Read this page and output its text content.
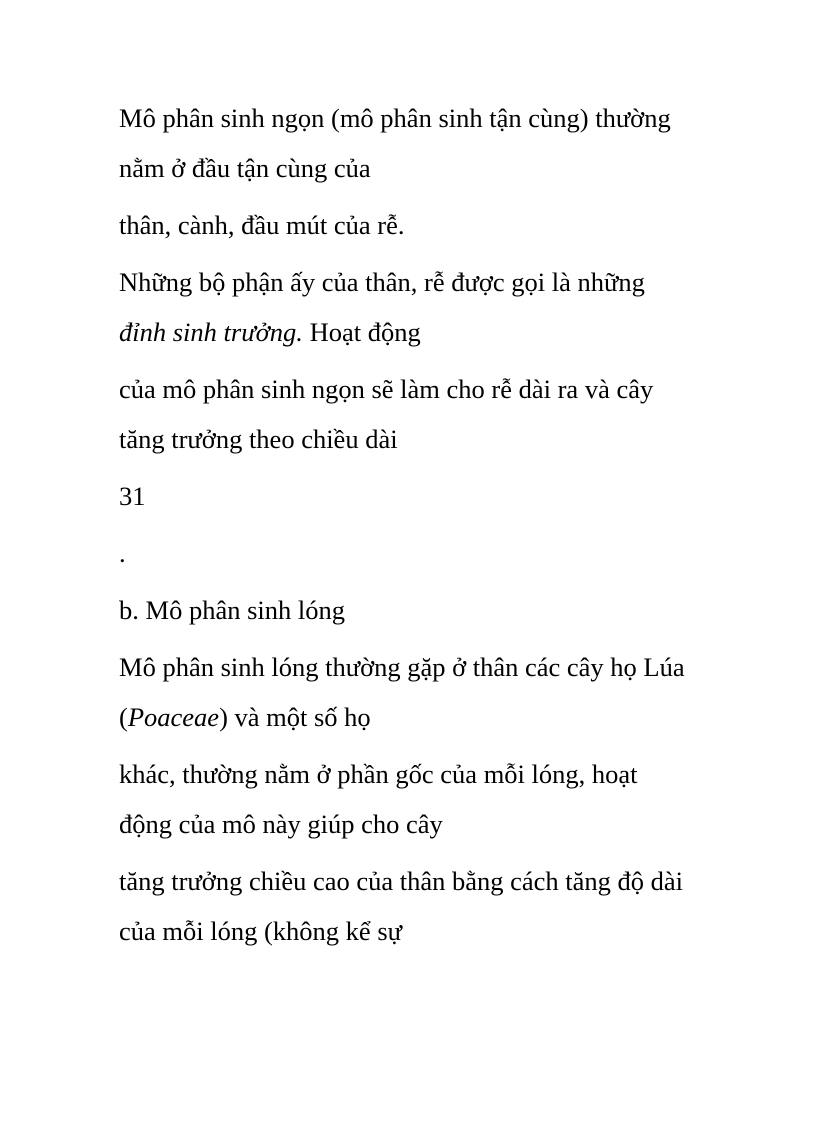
Mô phân sinh ngọn (mô phân sinh tận cùng) thường

nằm ở đầu tận cùng của

thân, cành, đầu mút của rễ.

Những bộ phận ấy của thân, rễ được gọi là những

đỉnh sinh trưởng. Hoạt động

của mô phân sinh ngọn sẽ làm cho rễ dài ra và cây

tăng trưởng theo chiều dài

31

.

b. Mô phân sinh lóng

Mô phân sinh lóng thường gặp ở thân các cây họ Lúa

(Poaceae) và một số họ

khác, thường nằm ở phần gốc của mỗi lóng, hoạt

động của mô này giúp cho cây

tăng trưởng chiều cao của thân bằng cách tăng độ dài

của mỗi lóng (không kể sự
